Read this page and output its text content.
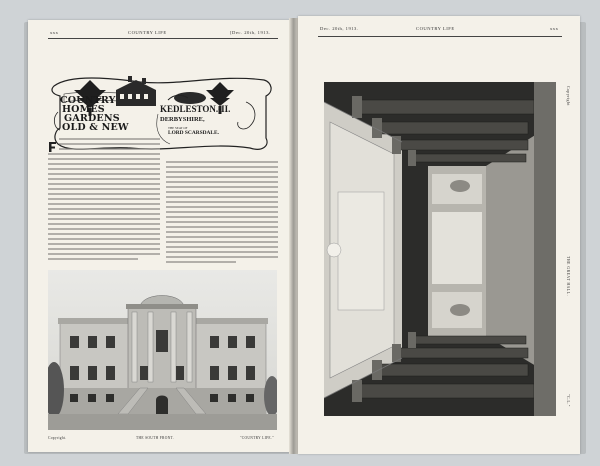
xxx	COUNTRY LIFE	[Dec. 20th, 1913.
COUNTRY
HOMES
GARDENS
OLD & NEW
KEDLESTON.-II.
DERBYSHIRE,
THE SEAT OF
LORD SCARSDALE.
Copyright.	THE SOUTH FRONT.	"COUNTRY LIFE."
Dec. 20th, 1913.	COUNTRY LIFE	xxx
THE GREAT HALL.
Copyright
"C.L."
